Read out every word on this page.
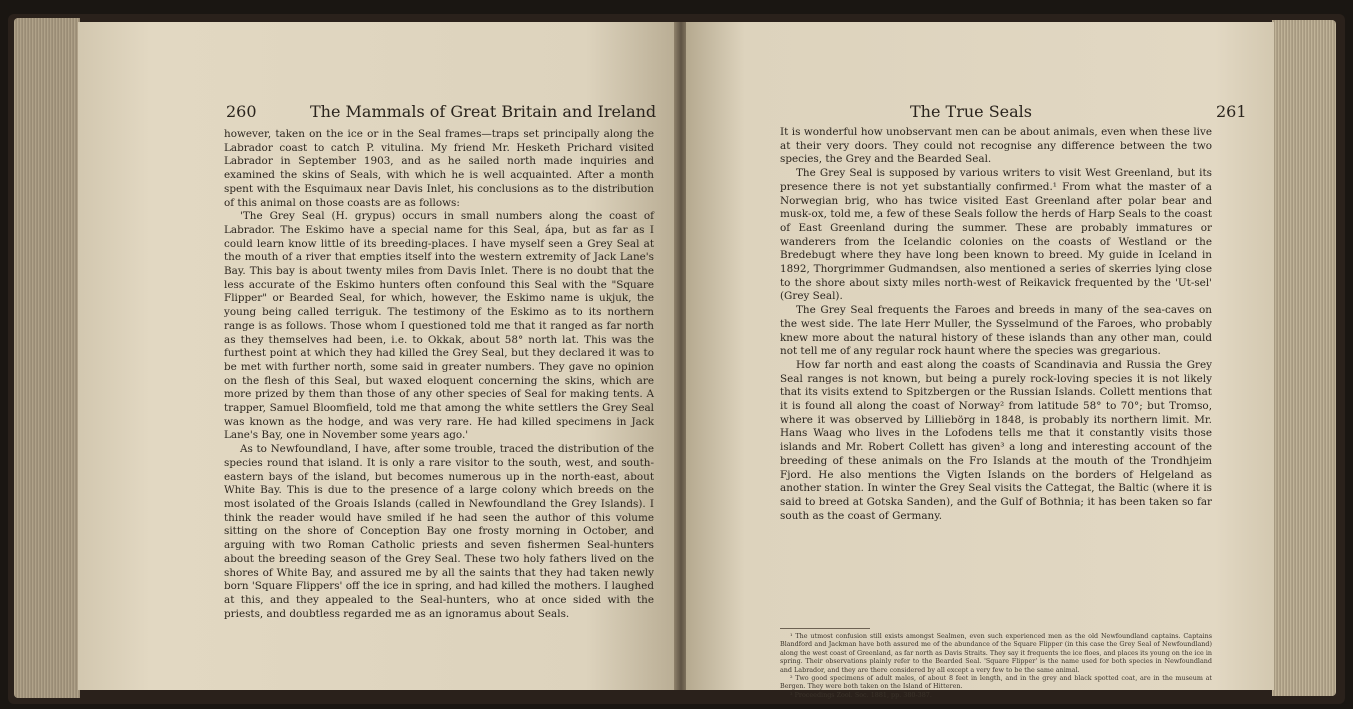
260	The Mammals of Great Britain and Ireland

however, taken on the ice or in the Seal frames—traps set principally along the Labrador coast to catch P. vitulina. My friend Mr. Hesketh Prichard visited Labrador in September 1903, and as he sailed north made inquiries and examined the skins of Seals, with which he is well acquainted. After a month spent with the Esquimaux near Davis Inlet, his conclusions as to the distribution of this animal on those coasts are as follows:

'The Grey Seal (H. grypus) occurs in small numbers along the coast of Labrador. The Eskimo have a special name for this Seal, ápa, but as far as I could learn know little of its breeding-places. I have myself seen a Grey Seal at the mouth of a river that empties itself into the western extremity of Jack Lane's Bay. This bay is about twenty miles from Davis Inlet. There is no doubt that the less accurate of the Eskimo hunters often confound this Seal with the "Square Flipper" or Bearded Seal, for which, however, the Eskimo name is ukjuk, the young being called terriguk. The testimony of the Eskimo as to its northern range is as follows. Those whom I questioned told me that it ranged as far north as they themselves had been, i.e. to Okkak, about 58° north lat. This was the furthest point at which they had killed the Grey Seal, but they declared it was to be met with further north, some said in greater numbers. They gave no opinion on the flesh of this Seal, but waxed eloquent concerning the skins, which are more prized by them than those of any other species of Seal for making tents. A trapper, Samuel Bloomfield, told me that among the white settlers the Grey Seal was known as the hodge, and was very rare. He had killed specimens in Jack Lane's Bay, one in November some years ago.'

As to Newfoundland, I have, after some trouble, traced the distribution of the species round that island. It is only a rare visitor to the south, west, and south-eastern bays of the island, but becomes numerous up in the north-east, about White Bay. This is due to the presence of a large colony which breeds on the most isolated of the Groais Islands (called in Newfoundland the Grey Islands). I think the reader would have smiled if he had seen the author of this volume sitting on the shore of Conception Bay one frosty morning in October, and arguing with two Roman Catholic priests and seven fishermen Seal-hunters about the breeding season of the Grey Seal. These two holy fathers lived on the shores of White Bay, and assured me by all the saints that they had taken newly born 'Square Flippers' off the ice in spring, and had killed the mothers. I laughed at this, and they appealed to the Seal-hunters, who at once sided with the priests, and doubtless regarded me as an ignoramus about Seals.

The True Seals	261

It is wonderful how unobservant men can be about animals, even when these live at their very doors. They could not recognise any difference between the two species, the Grey and the Bearded Seal.

The Grey Seal is supposed by various writers to visit West Greenland, but its presence there is not yet substantially confirmed.¹ From what the master of a Norwegian brig, who has twice visited East Greenland after polar bear and musk-ox, told me, a few of these Seals follow the herds of Harp Seals to the coast of East Greenland during the summer. These are probably immatures or wanderers from the Icelandic colonies on the coasts of Westland or the Bredebugt where they have long been known to breed. My guide in Iceland in 1892, Thorgrimmer Gudmandsen, also mentioned a series of skerries lying close to the shore about sixty miles north-west of Reikavick frequented by the 'Ut-sel' (Grey Seal).

The Grey Seal frequents the Faroes and breeds in many of the sea-caves on the west side. The late Herr Muller, the Sysselmund of the Faroes, who probably knew more about the natural history of these islands than any other man, could not tell me of any regular rock haunt where the species was gregarious.

How far north and east along the coasts of Scandinavia and Russia the Grey Seal ranges is not known, but being a purely rock-loving species it is not likely that its visits extend to Spitzbergen or the Russian Islands. Collett mentions that it is found all along the coast of Norway² from latitude 58° to 70°; but Tromso, where it was observed by Lilliebörg in 1848, is probably its northern limit. Mr. Hans Waag who lives in the Lofodens tells me that it constantly visits those islands and Mr. Robert Collett has given³ a long and interesting account of the breeding of these animals on the Fro Islands at the mouth of the Trondhjeim Fjord. He also mentions the Vigten Islands on the borders of Helgeland as another station. In winter the Grey Seal visits the Cattegat, the Baltic (where it is said to breed at Gotska Sanden), and the Gulf of Bothnia; it has been taken so far south as the coast of Germany.

¹ The utmost confusion still exists amongst Sealmen, even such experienced men as the old Newfoundland captains. Captains Blandford and Jackman have both assured me of the abundance of the Square Flipper (in this case the Grey Seal of Newfoundland) along the west coast of Greenland, as far north as Davis Straits. They say it frequents the ice floes, and places its young on the ice in spring. Their observations plainly refer to the Bearded Seal. 'Square Flipper' is the name used for both species in Newfoundland and Labrador, and they are there considered by all except a very few to be the same animal.

² Two good specimens of adult males, of about 8 feet in length, and in the grey and black spotted coat, are in the museum at Bergen. They were both taken on the Island of Hitteren.

³ Proceedings Zool. Soc. 1881, pp. 380-387.
